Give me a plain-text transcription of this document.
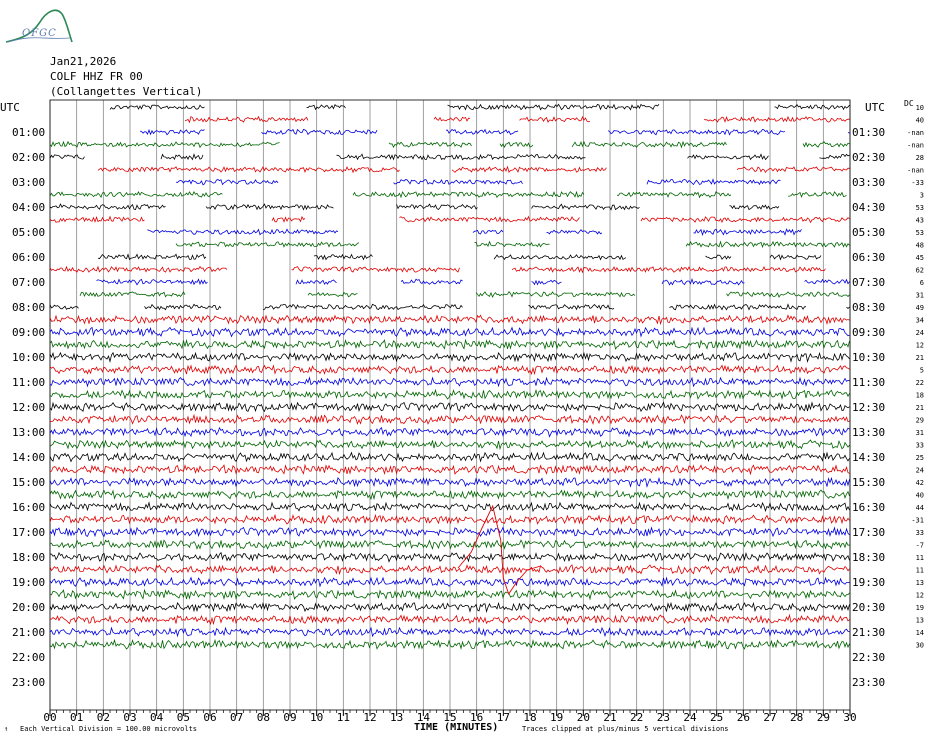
00 01 02 03 04 05 06 07 08 09 10 11 12 13 14 15 16 17 18 19 20 21 22 23 24 25 26 27 28 29 30
UTC	UTC DC
01:00
02:00
03:00
04:00
05:00
06:00
07:00
08:00
09:00
10:00
11:00
12:00
13:00
14:00
15:00
16:00
17:00
18:00
19:00
20:00
21:00
22:00
23:00
01:30
02:30
03:30
04:30
05:30
06:30
07:30
08:30
09:30
10:30
11:30
12:30
13:30
14:30
15:30
16:30
17:30
18:30
19:30
20:30
21:30
22:30
23:30
10
40
-nan
-nan
28
-nan
-33
3
53
43
53
48
45
62
6
31
49
34
24
12
21
5
22
18
21
29
31
33
25
24
42
40
44
-31
33
-7
11
11
13
12
19
13
14
30
OFGC
Jan21,2026
COLF HHZ FR 00
(Collangettes Vertical)
↑ Each Vertical Division = 100.00 microvolts	TIME (MINUTES)	Traces clipped at plus/minus 5 vertical divisions
